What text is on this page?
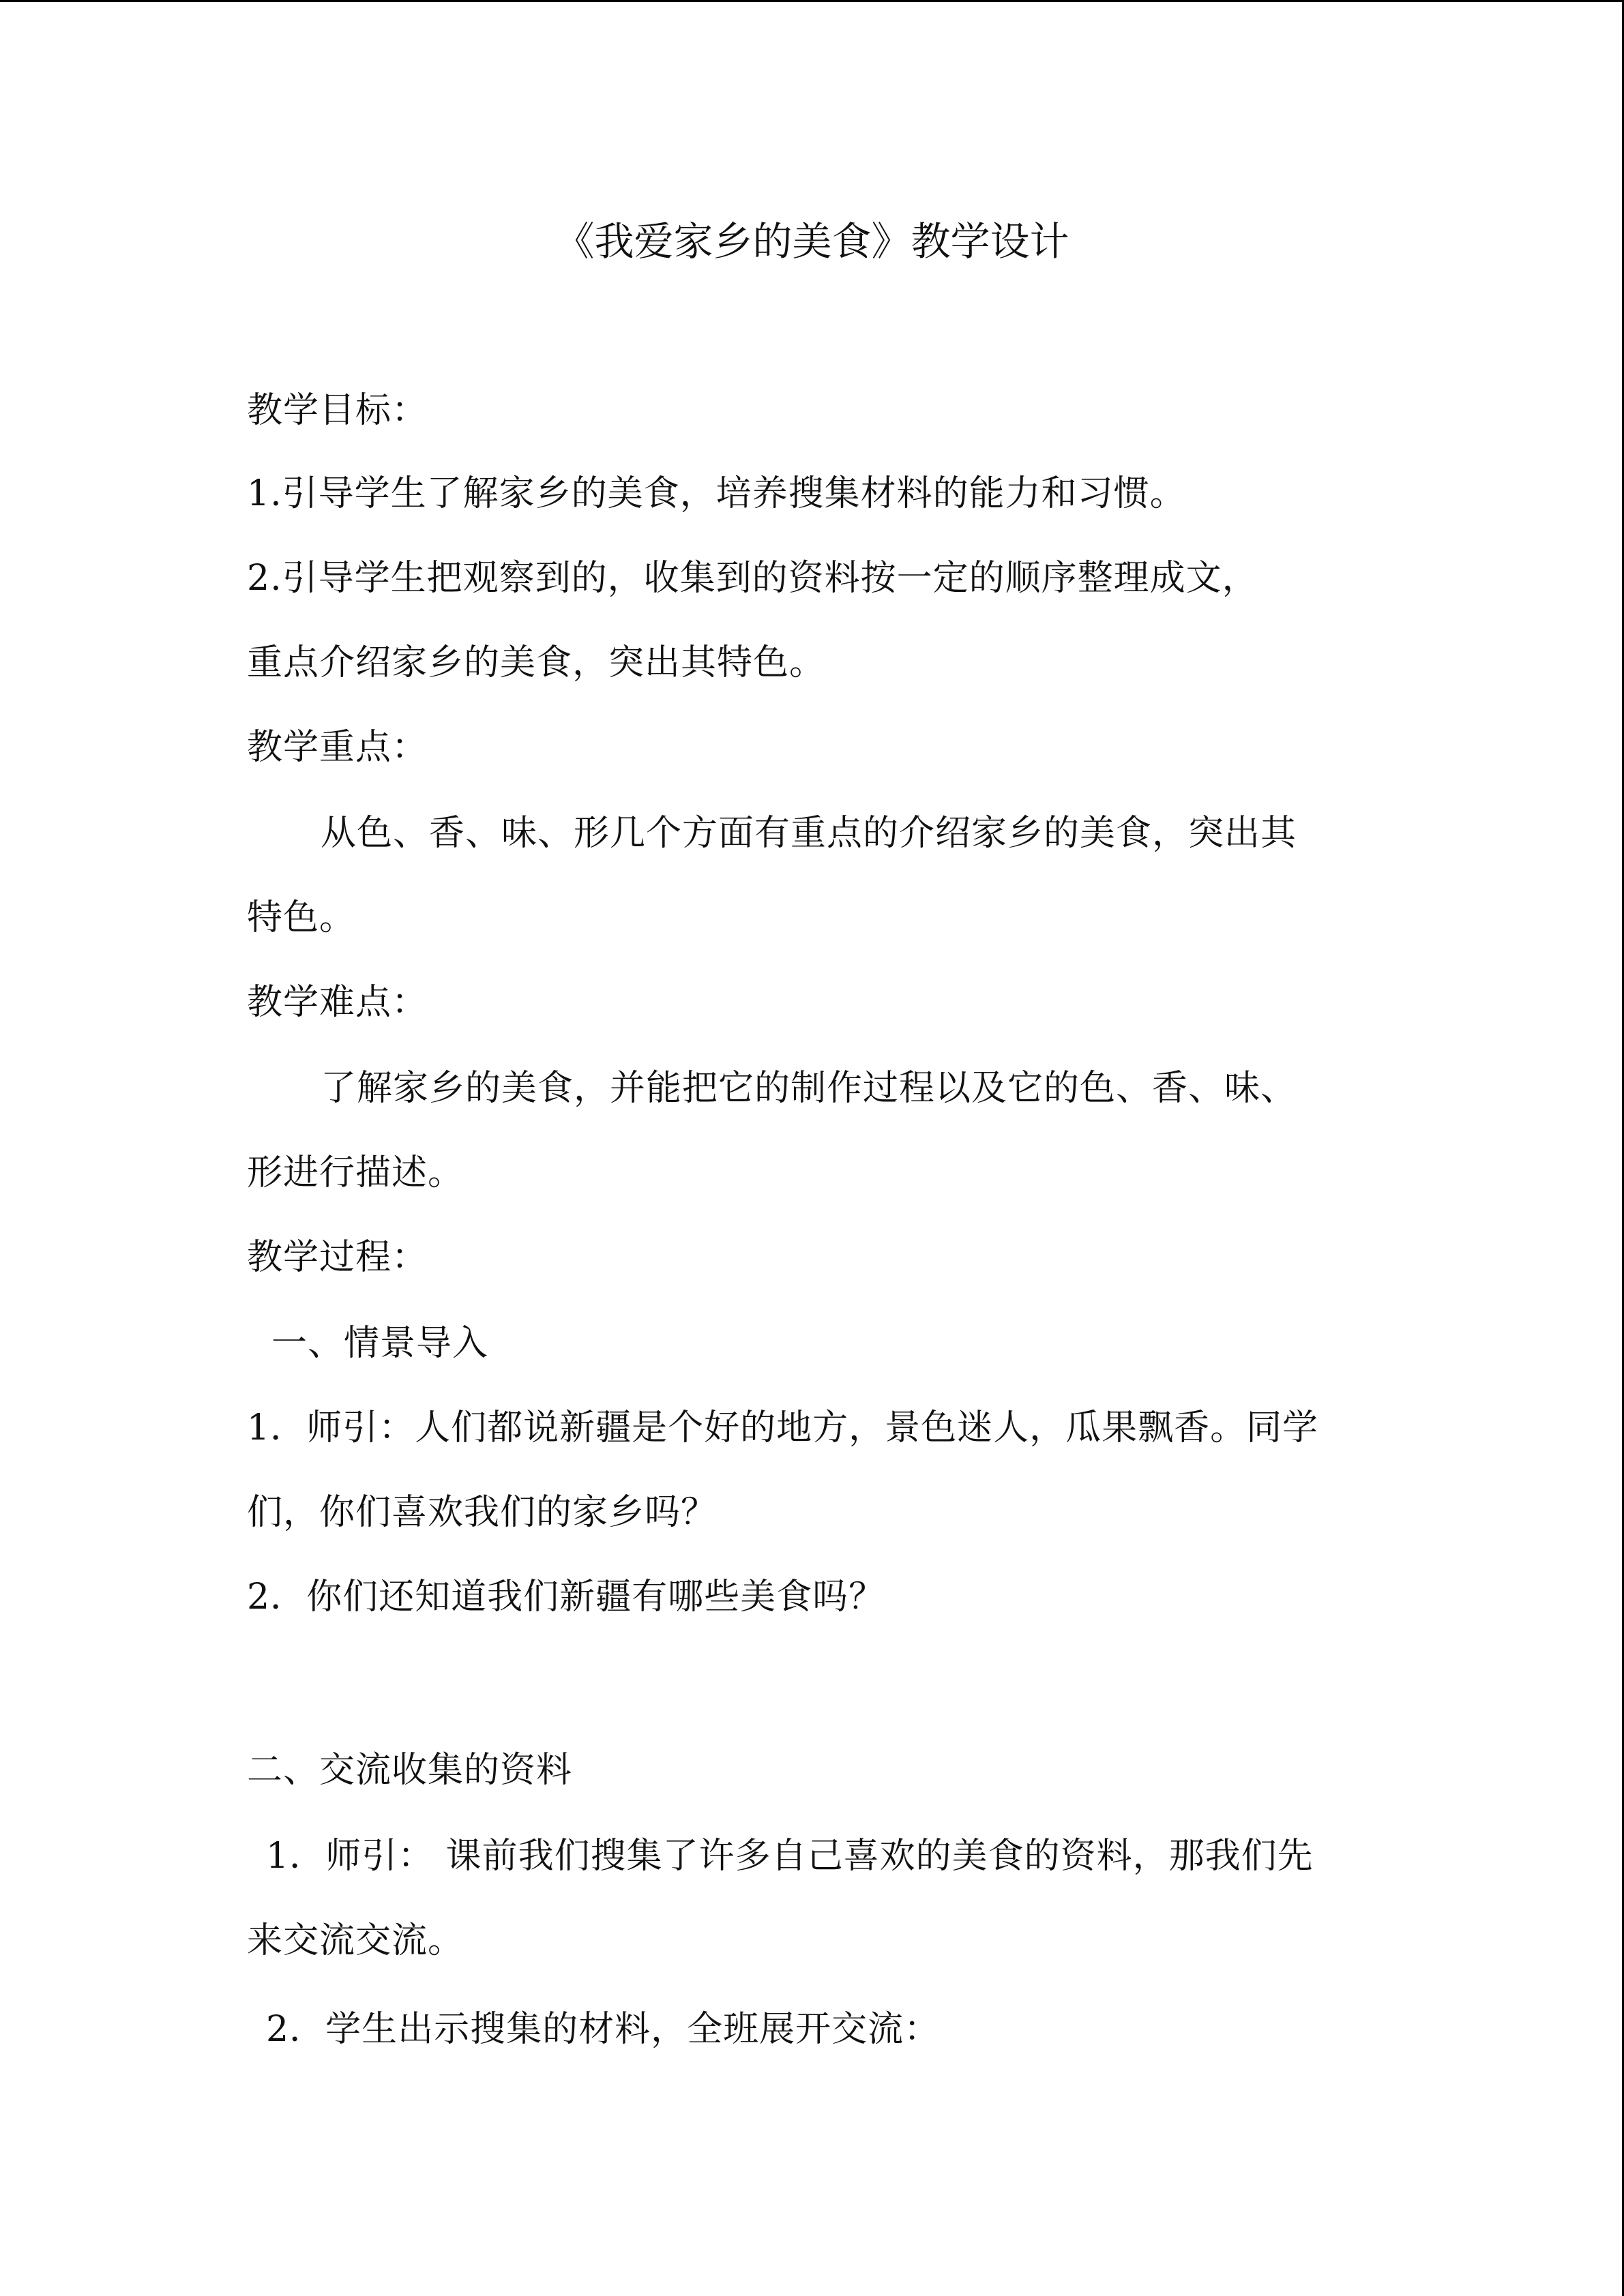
《我爱家乡的美食》教学设计
教学目标：
1.引导学生了解家乡的美食，培养搜集材料的能力和习惯。
2.引导学生把观察到的，收集到的资料按一定的顺序整理成文，
重点介绍家乡的美食，突出其特色。
教学重点：
从色、香、味、形几个方面有重点的介绍家乡的美食，突出其
特色。
教学难点：
了解家乡的美食，并能把它的制作过程以及它的色、香、味、
形进行描述。
教学过程：
一、情景导入
1．师引：人们都说新疆是个好的地方，景色迷人，瓜果飘香。同学
们，你们喜欢我们的家乡吗？
2．你们还知道我们新疆有哪些美食吗？
二、交流收集的资料
1．师引： 课前我们搜集了许多自己喜欢的美食的资料，那我们先
来交流交流。
2．学生出示搜集的材料，全班展开交流：
